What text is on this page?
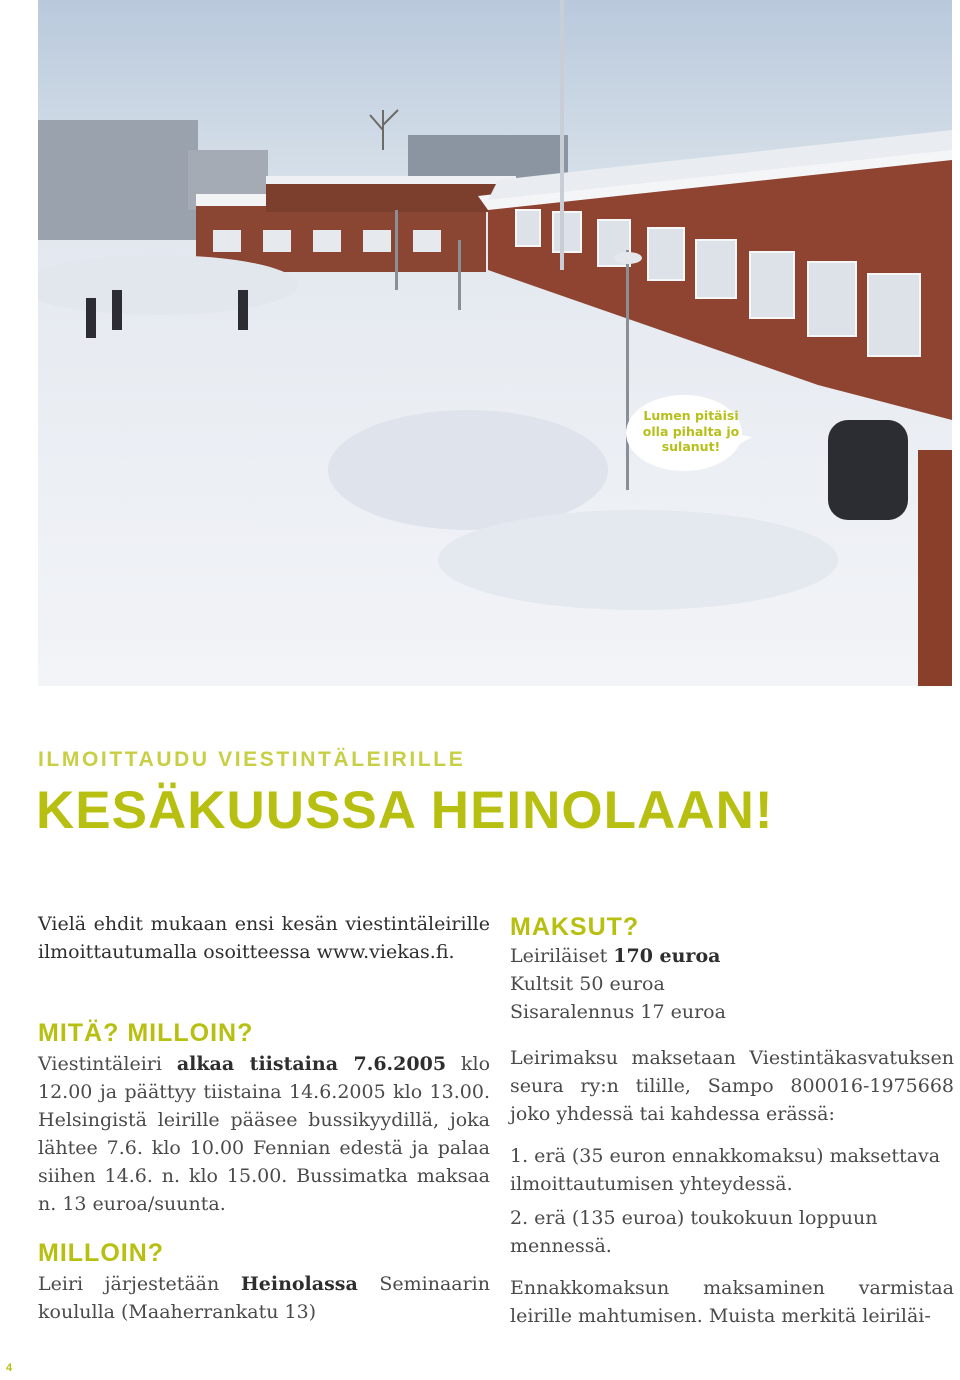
Lumen pitäisi olla pihalta jo sulanut!
ILMOITTAUDU VIESTINTÄLEIRILLE
KESÄKUUSSA HEINOLAAN!

Vielä ehdit mukaan ensi kesän viestintäleirille ilmoittautumalla osoitteessa www.viekas.fi.

MITÄ? MILLOIN?

Viestintäleiri alkaa tiistaina 7.6.2005 klo 12.00 ja päättyy tiistaina 14.6.2005 klo 13.00. Helsingistä leirille pääsee bussikyydillä, joka lähtee 7.6. klo 10.00 Fennian edestä ja palaa siihen 14.6. n. klo 15.00. Bussimatka maksaa n. 13 euroa/suunta.

MILLOIN?

Leiri järjestetään Heinolassa Seminaarin koululla (Maaherrankatu 13)

MAKSUT?

Leiriläiset 170 euroa

Kultsit 50 euroa

Sisaralennus 17 euroa

Leirimaksu maksetaan Viestintäkasvatuksen seura ry:n tilille, Sampo 800016-1975668 joko yhdessä tai kahdessa erässä:

1. erä (35 euron ennakkomaksu) maksettava ilmoittautumisen yhteydessä.

2. erä (135 euroa) toukokuun loppuun mennessä.

Ennakkomaksun maksaminen varmistaa leirille mahtumisen. Muista merkitä leiriläi-

4
